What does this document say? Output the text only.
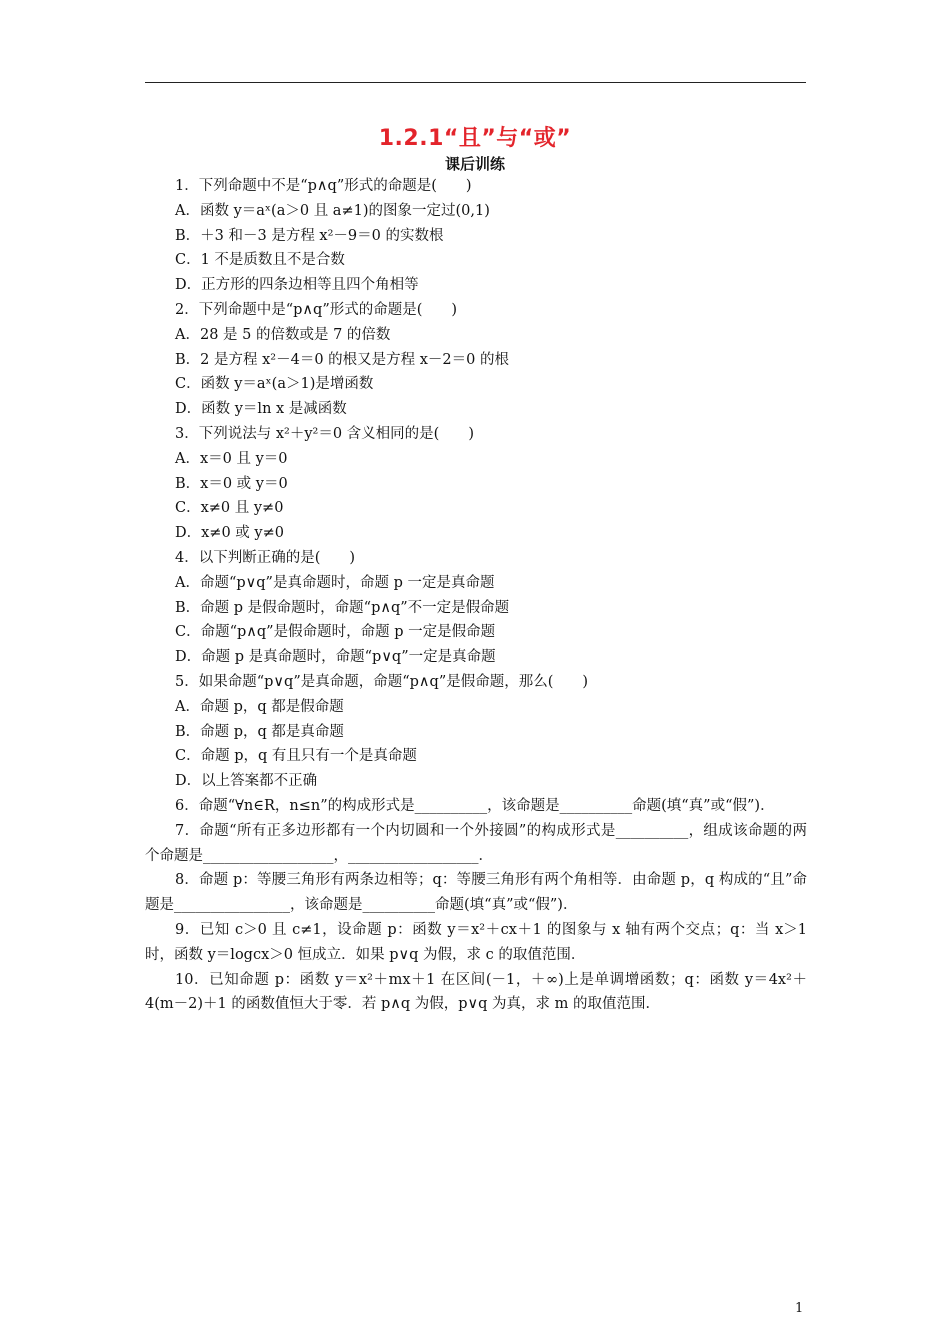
1.2.1“且”与“或”
课后训练
1．下列命题中不是“p∧q”形式的命题是(　　)
A．函数 y＝aˣ(a＞0 且 a≠1)的图象一定过(0,1)
B．＋3 和－3 是方程 x²－9＝0 的实数根
C．1 不是质数且不是合数
D．正方形的四条边相等且四个角相等
2．下列命题中是“p∧q”形式的命题是(　　)
A．28 是 5 的倍数或是 7 的倍数
B．2 是方程 x²－4＝0 的根又是方程 x－2＝0 的根
C．函数 y＝aˣ(a＞1)是增函数
D．函数 y＝ln x 是减函数
3．下列说法与 x²＋y²＝0 含义相同的是(　　)
A．x＝0 且 y＝0
B．x＝0 或 y＝0
C．x≠0 且 y≠0
D．x≠0 或 y≠0
4．以下判断正确的是(　　)
A．命题“p∨q”是真命题时，命题 p 一定是真命题
B．命题 p 是假命题时，命题“p∧q”不一定是假命题
C．命题“p∧q”是假命题时，命题 p 一定是假命题
D．命题 p 是真命题时，命题“p∨q”一定是真命题
5．如果命题“p∨q”是真命题，命题“p∧q”是假命题，那么(　　)
A．命题 p，q 都是假命题
B．命题 p，q 都是真命题
C．命题 p，q 有且只有一个是真命题
D．以上答案都不正确
6．命题“∀n∈R，n≤n”的构成形式是__________，该命题是__________命题(填“真”或“假”)．
7．命题“所有正多边形都有一个内切圆和一个外接圆”的构成形式是__________，组成该命题的两个命题是__________________，__________________．
8．命题 p：等腰三角形有两条边相等；q：等腰三角形有两个角相等．由命题 p，q 构成的“且”命题是________________，该命题是__________命题(填“真”或“假”)．
9．已知 c＞0 且 c≠1，设命题 p：函数 y＝x²＋cx＋1 的图象与 x 轴有两个交点；q：当 x＞1 时，函数 y＝logcx＞0 恒成立．如果 p∨q 为假，求 c 的取值范围．
10．已知命题 p：函数 y＝x²＋mx＋1 在区间(－1，＋∞)上是单调增函数；q：函数 y＝4x²＋4(m－2)＋1 的函数值恒大于零．若 p∧q 为假，p∨q 为真，求 m 的取值范围．
1
